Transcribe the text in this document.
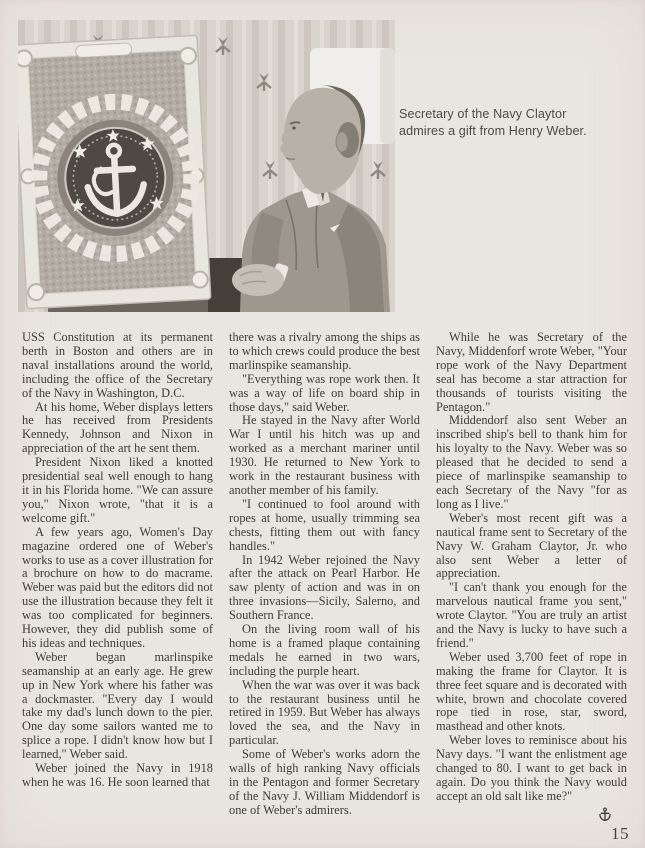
Secretary of the Navy Claytor
admires a gift from Henry Weber.

USS Constitution at its permanent berth in Boston and others are in naval installations around the world, including the office of the Secretary of the Navy in Washington, D.C.

At his home, Weber displays letters he has received from Presidents Kennedy, Johnson and Nixon in appreciation of the art he sent them.

President Nixon liked a knotted presidential seal well enough to hang it in his Florida home. "We can assure you," Nixon wrote, "that it is a welcome gift."

A few years ago, Women's Day magazine ordered one of Weber's works to use as a cover illustration for a brochure on how to do macrame. Weber was paid but the editors did not use the illustration because they felt it was too complicated for beginners. However, they did publish some of his ideas and techniques.

Weber began marlinspike seamanship at an early age. He grew up in New York where his father was a dockmaster. "Every day I would take my dad's lunch down to the pier. One day some sailors wanted me to splice a rope. I didn't know how but I learned," Weber said.

Weber joined the Navy in 1918 when he was 16. He soon learned that

there was a rivalry among the ships as to which crews could produce the best marlinspike seamanship.

"Everything was rope work then. It was a way of life on board ship in those days," said Weber.

He stayed in the Navy after World War I until his hitch was up and worked as a merchant mariner until 1930. He returned to New York to work in the restaurant business with another member of his family.

"I continued to fool around with ropes at home, usually trimming sea chests, fitting them out with fancy handles."

In 1942 Weber rejoined the Navy after the attack on Pearl Harbor. He saw plenty of action and was in on three invasions—Sicily, Salerno, and Southern France.

On the living room wall of his home is a framed plaque containing medals he earned in two wars, including the purple heart.

When the war was over it was back to the restaurant business until he retired in 1959. But Weber has always loved the sea, and the Navy in particular.

Some of Weber's works adorn the walls of high ranking Navy officials in the Pentagon and former Secretary of the Navy J. William Middendorf is one of Weber's admirers.

While he was Secretary of the Navy, Middenforf wrote Weber, "Your rope work of the Navy Department seal has become a star attraction for thousands of tourists visiting the Pentagon."

Middendorf also sent Weber an inscribed ship's bell to thank him for his loyalty to the Navy. Weber was so pleased that he decided to send a piece of marlinspike seamanship to each Secretary of the Navy "for as long as I live."

Weber's most recent gift was a nautical frame sent to Secretary of the Navy W. Graham Claytor, Jr. who also sent Weber a letter of appreciation.

"I can't thank you enough for the marvelous nautical frame you sent," wrote Claytor. "You are truly an artist and the Navy is lucky to have such a friend."

Weber used 3,700 feet of rope in making the frame for Claytor. It is three feet square and is decorated with white, brown and chocolate covered rope tied in rose, star, sword, masthead and other knots.

Weber loves to reminisce about his Navy days. "I want the enlistment age changed to 80. I want to get back in again. Do you think the Navy would accept an old salt like me?"

15
